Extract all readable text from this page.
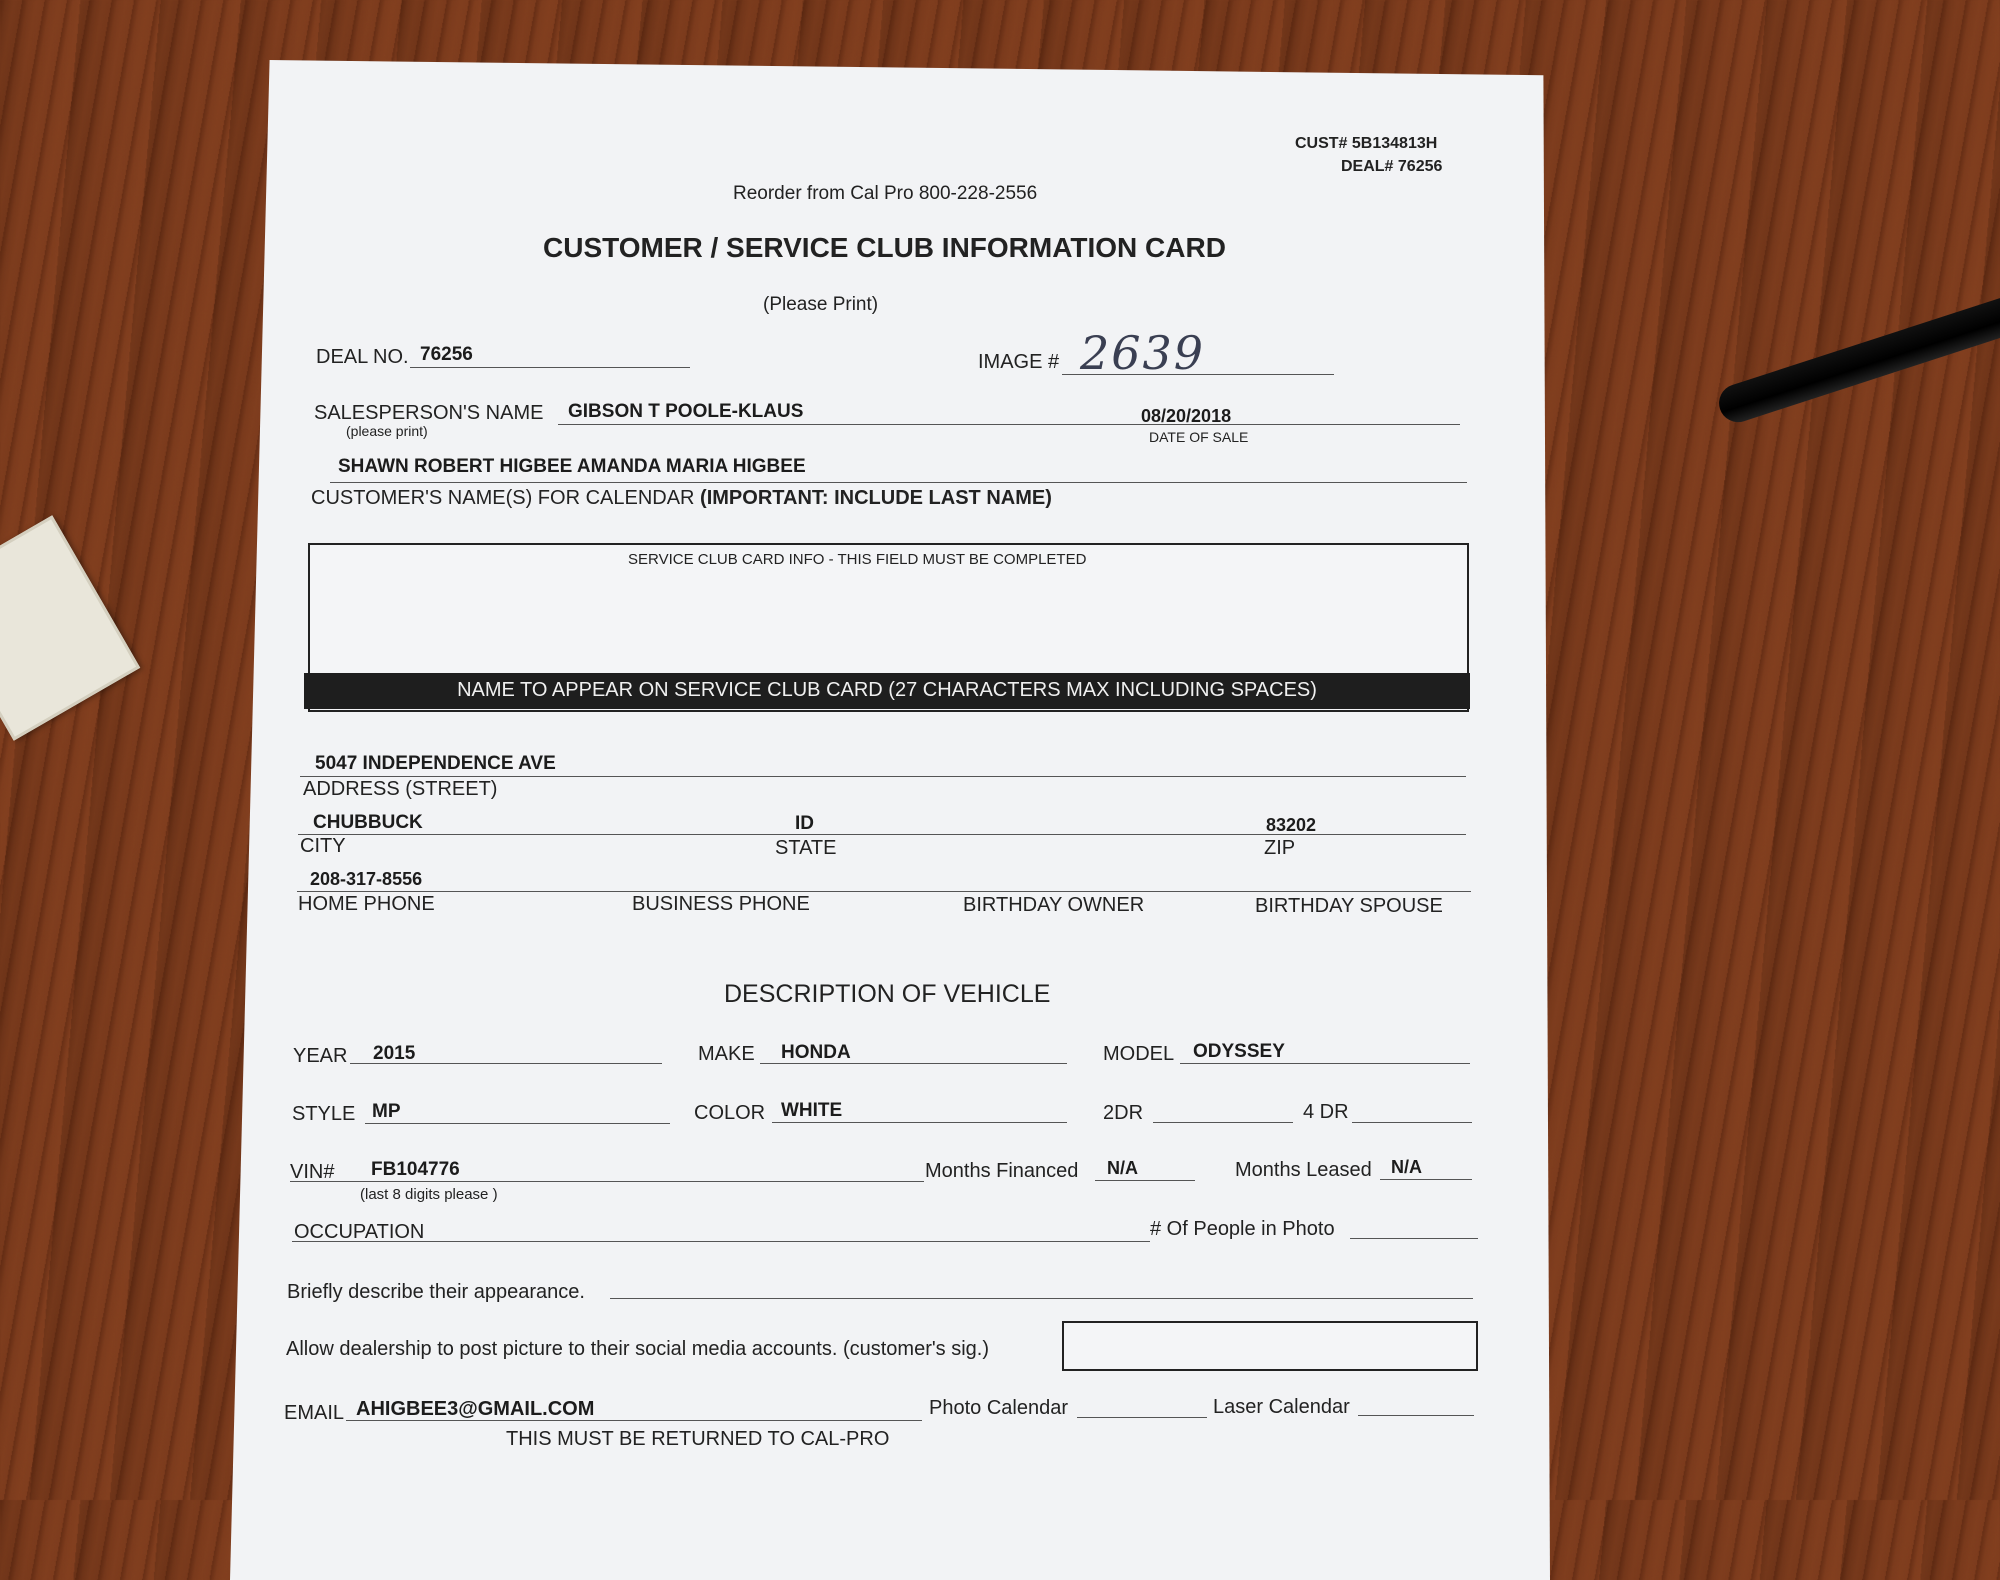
CUST# 5B134813H
DEAL# 76256
Reorder from Cal Pro 800-228-2556
CUSTOMER / SERVICE CLUB INFORMATION CARD
(Please Print)
DEAL NO. 76256	IMAGE # 2639
SALESPERSON'S NAME
(please print)
GIBSON T POOLE-KLAUS	08/20/2018
DATE OF SALE
SHAWN ROBERT HIGBEE AMANDA MARIA HIGBEE
CUSTOMER'S NAME(S) FOR CALENDAR (IMPORTANT: INCLUDE LAST NAME)
SERVICE CLUB CARD INFO - THIS FIELD MUST BE COMPLETED
NAME TO APPEAR ON SERVICE CLUB CARD (27 CHARACTERS MAX INCLUDING SPACES)
5047 INDEPENDENCE AVE
ADDRESS (STREET)
CHUBBUCK	ID	83202
CITY	STATE	ZIP
208-317-8556
HOME PHONE	BUSINESS PHONE	BIRTHDAY OWNER	BIRTHDAY SPOUSE
DESCRIPTION OF VEHICLE
YEAR 2015	MAKE HONDA	MODEL ODYSSEY
STYLE MP	COLOR WHITE	2DR	4 DR
VIN# FB104776
(last 8 digits please )
Months Financed N/A	Months Leased N/A
OCCUPATION	# Of People in Photo
Briefly describe their appearance.
Allow dealership to post picture to their social media accounts. (customer's sig.)
EMAIL AHIGBEE3@GMAIL.COM	Photo Calendar	Laser Calendar
THIS MUST BE RETURNED TO CAL-PRO
